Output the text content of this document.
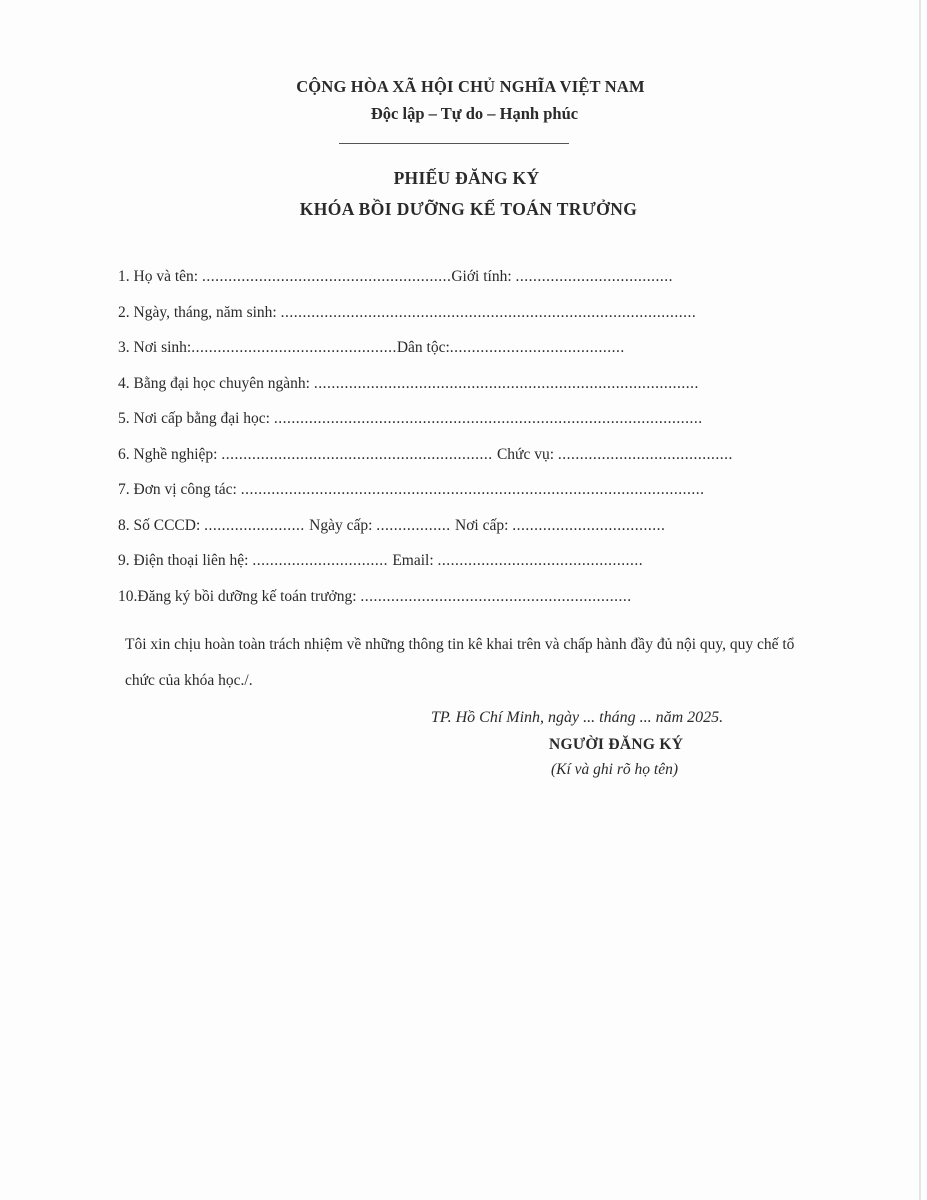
CỘNG HÒA XÃ HỘI CHỦ NGHĨA VIỆT NAM
Độc lập – Tự do – Hạnh phúc
PHIẾU ĐĂNG KÝ
KHÓA BỒI DƯỠNG KẾ TOÁN TRƯỞNG
1. Họ và tên: .........................................................Giới tính: ....................................
2. Ngày, tháng, năm sinh: ...............................................................................................
3. Nơi sinh:...............................................Dân tộc:........................................
4. Bằng đại học chuyên ngành: ........................................................................................
5. Nơi cấp bằng đại học: ..................................................................................................
6. Nghề nghiệp: .............................................................. Chức vụ: ........................................
7. Đơn vị công tác: ..........................................................................................................
8. Số CCCD: ....................... Ngày cấp: ................. Nơi cấp: ...................................
9. Điện thoại liên hệ: ............................... Email: ...............................................
10.Đăng ký bồi dưỡng kế toán trưởng: ..............................................................
Tôi xin chịu hoàn toàn trách nhiệm về những thông tin kê khai trên và chấp hành đầy đủ nội quy, quy chế tổ chức của khóa học./.
TP. Hồ Chí Minh, ngày ... tháng ... năm 2025.
NGƯỜI ĐĂNG KÝ
(Kí và ghi rõ họ tên)
